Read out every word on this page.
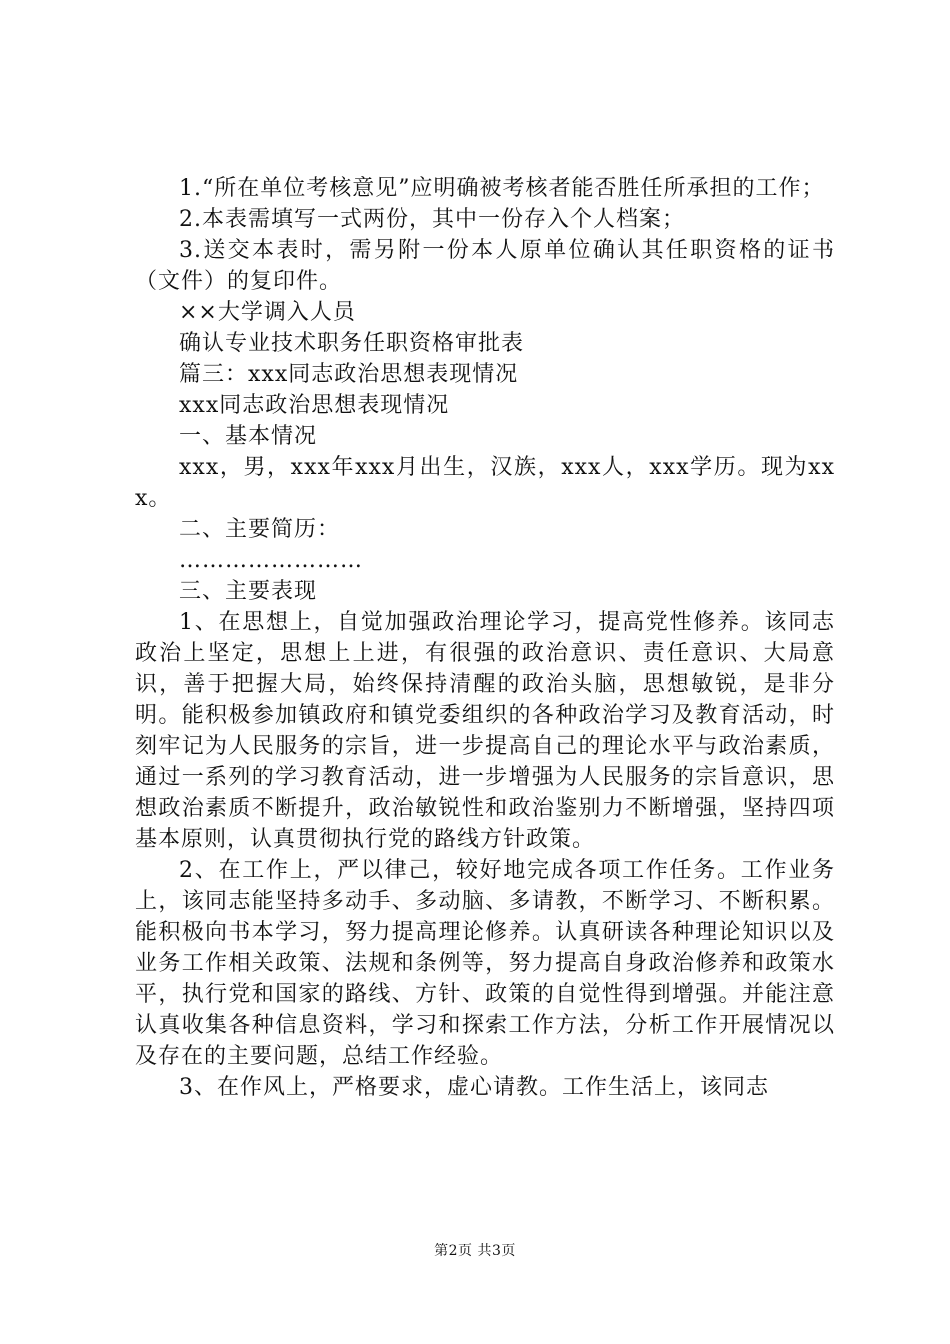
1.“所在单位考核意见”应明确被考核者能否胜任所承担的工作；

2.本表需填写一式两份，其中一份存入个人档案；

3.送交本表时，需另附一份本人原单位确认其任职资格的证书（文件）的复印件。

××大学调入人员

确认专业技术职务任职资格审批表

篇三：xxx同志政治思想表现情况

xxx同志政治思想表现情况

一、基本情况

xxx，男，xxx年xxx月出生，汉族，xxx人，xxx学历。现为xxx。

二、主要简历：

……………………

三、主要表现

1、在思想上，自觉加强政治理论学习，提高党性修养。该同志政治上坚定，思想上上进，有很强的政治意识、责任意识、大局意识，善于把握大局，始终保持清醒的政治头脑，思想敏锐，是非分明。能积极参加镇政府和镇党委组织的各种政治学习及教育活动，时刻牢记为人民服务的宗旨，进一步提高自己的理论水平与政治素质，通过一系列的学习教育活动，进一步增强为人民服务的宗旨意识，思想政治素质不断提升，政治敏锐性和政治鉴别力不断增强，坚持四项基本原则，认真贯彻执行党的路线方针政策。

2、在工作上，严以律己，较好地完成各项工作任务。工作业务上，该同志能坚持多动手、多动脑、多请教，不断学习、不断积累。能积极向书本学习，努力提高理论修养。认真研读各种理论知识以及业务工作相关政策、法规和条例等，努力提高自身政治修养和政策水平，执行党和国家的路线、方针、政策的自觉性得到增强。并能注意认真收集各种信息资料，学习和探索工作方法，分析工作开展情况以及存在的主要问题，总结工作经验。

3、在作风上，严格要求，虚心请教。工作生活上，该同志

第2页 共3页
